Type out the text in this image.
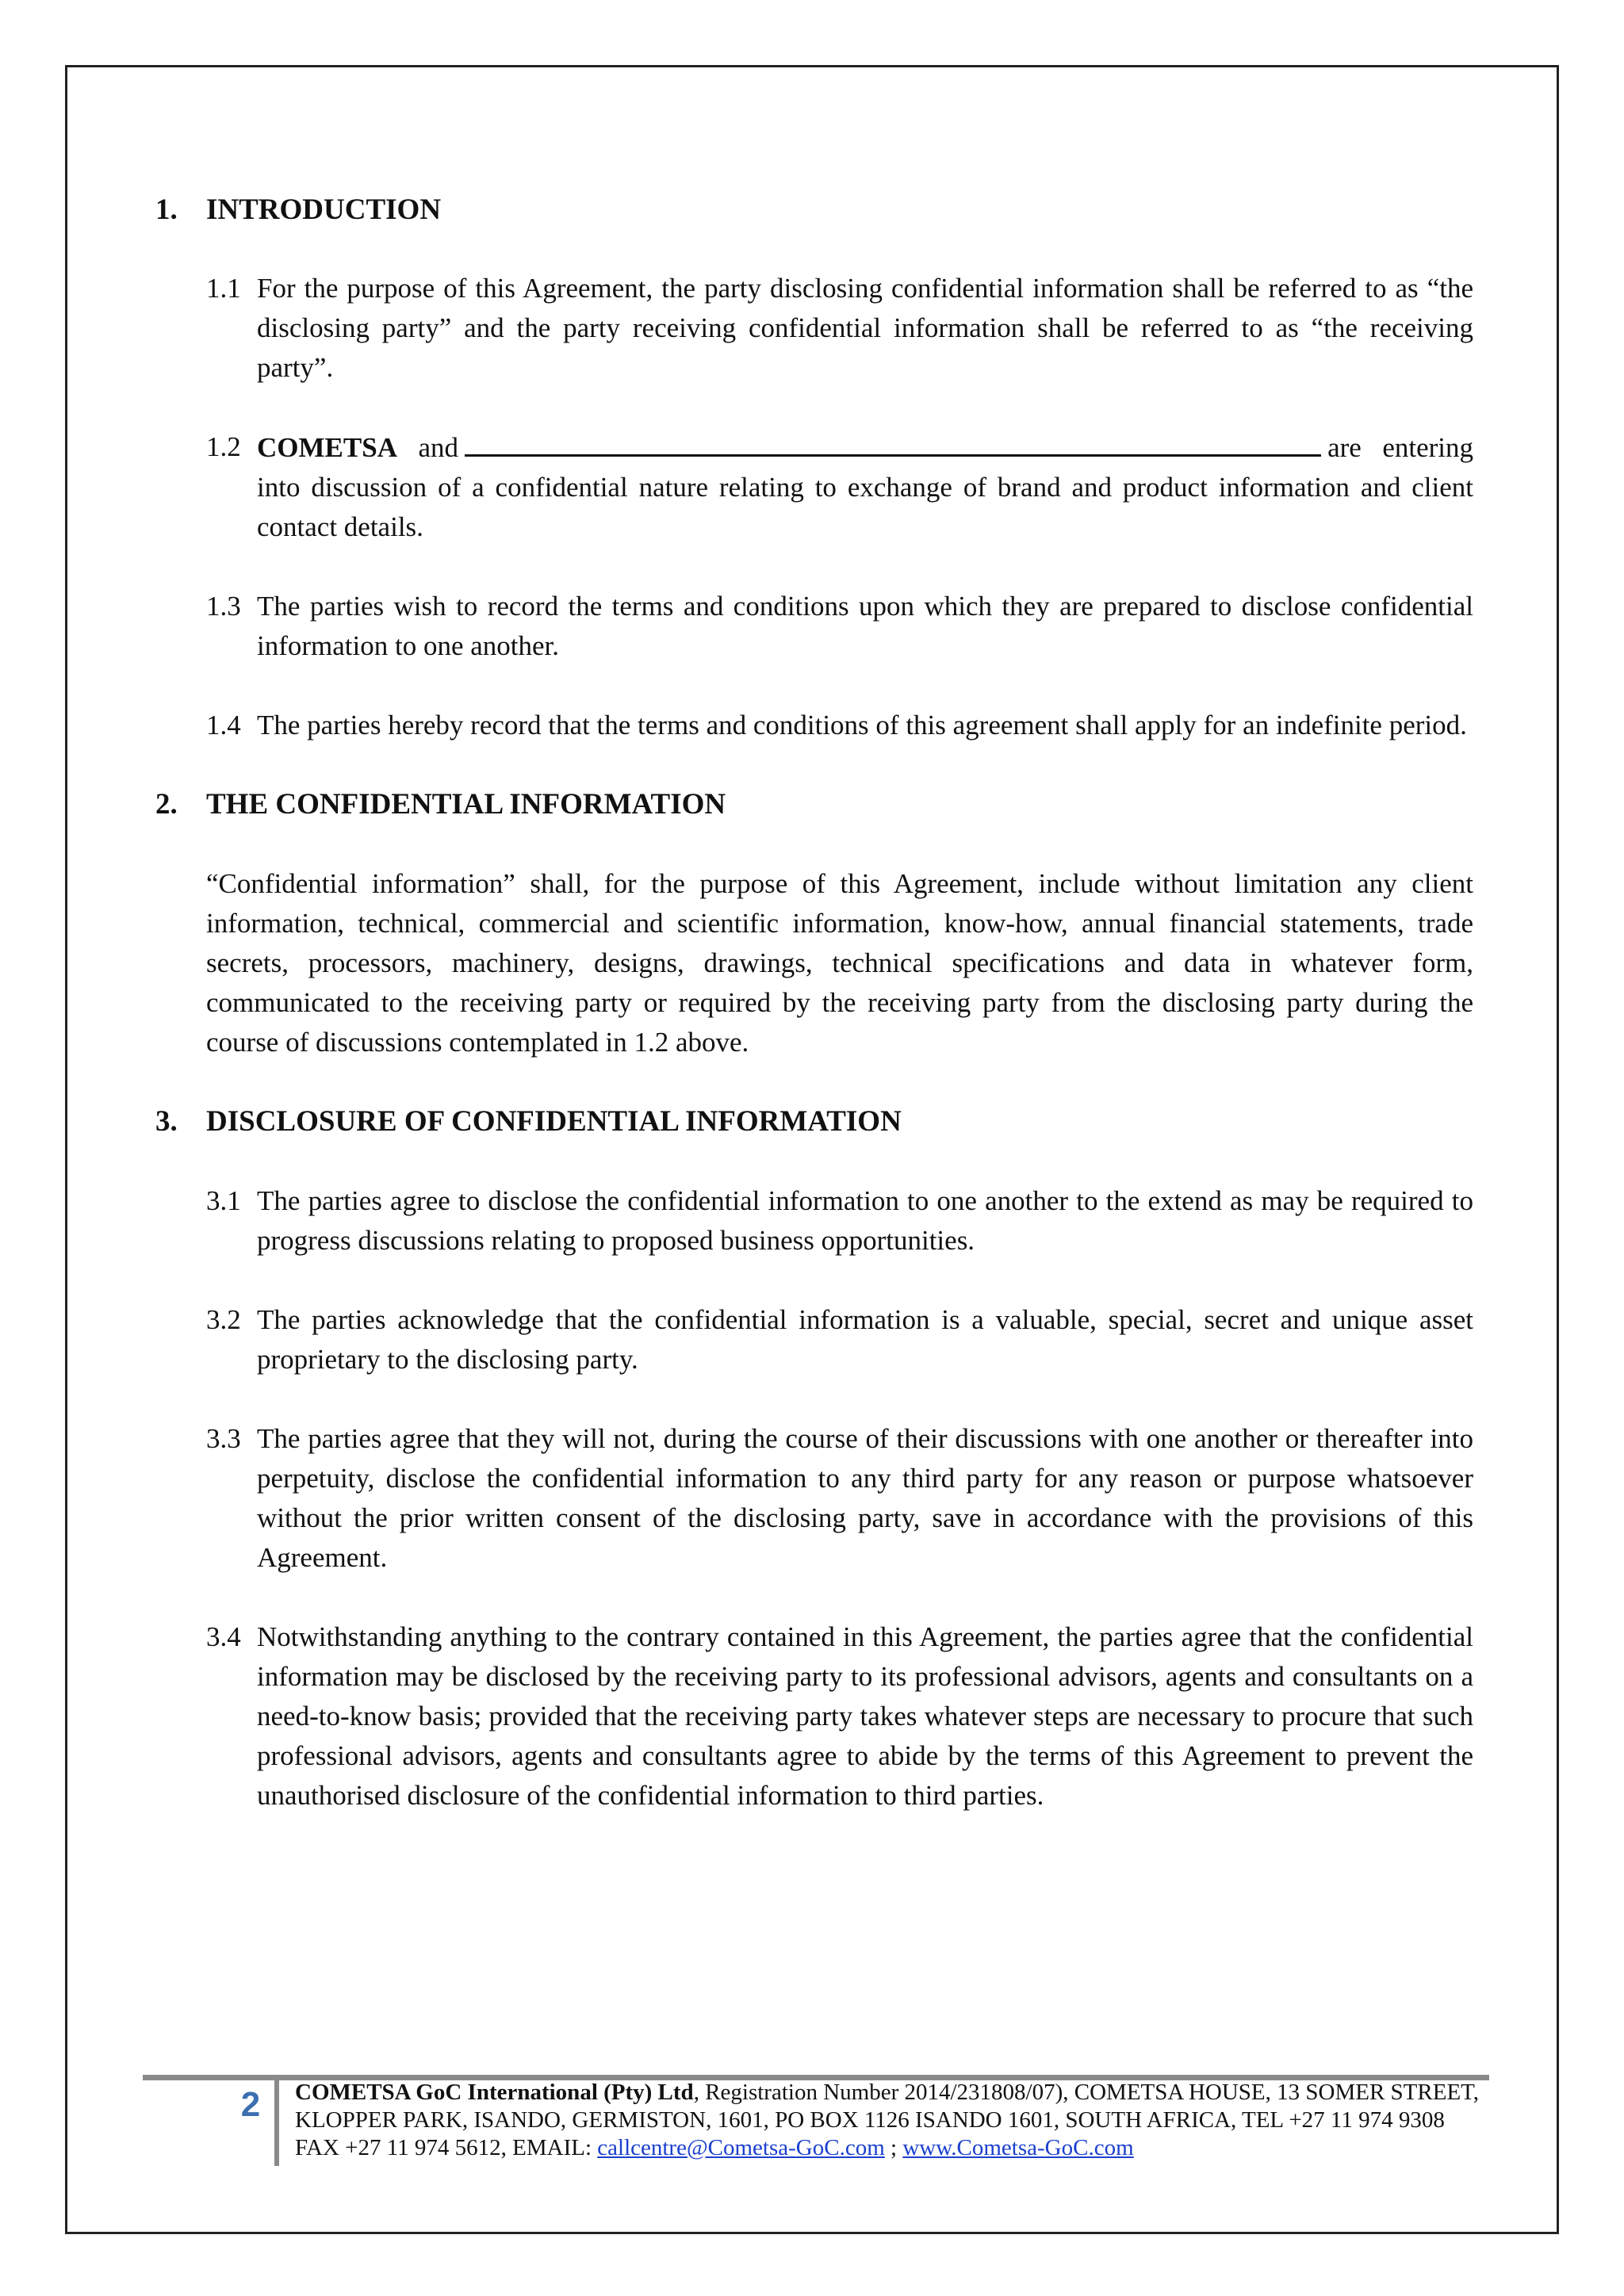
1. INTRODUCTION
1.1 For the purpose of this Agreement, the party disclosing confidential information shall be referred to as “the disclosing party” and the party receiving confidential information shall be referred to as “the receiving party”.
1.2 COMETSA and	are entering into discussion of a confidential nature relating to exchange of brand and product information and client contact details.
1.3 The parties wish to record the terms and conditions upon which they are prepared to disclose confidential information to one another.
1.4 The parties hereby record that the terms and conditions of this agreement shall apply for an indefinite period.
2. THE CONFIDENTIAL INFORMATION

“Confidential information” shall, for the purpose of this Agreement, include without limitation any client information, technical, commercial and scientific information, know-how, annual financial statements, trade secrets, processors, machinery, designs, drawings, technical specifications and data in whatever form, communicated to the receiving party or required by the receiving party from the disclosing party during the course of discussions contemplated in 1.2 above.

3. DISCLOSURE OF CONFIDENTIAL INFORMATION
3.1 The parties agree to disclose the confidential information to one another to the extend as may be required to progress discussions relating to proposed business opportunities.
3.2 The parties acknowledge that the confidential information is a valuable, special, secret and unique asset proprietary to the disclosing party.
3.3 The parties agree that they will not, during the course of their discussions with one another or thereafter into perpetuity, disclose the confidential information to any third party for any reason or purpose whatsoever without the prior written consent of the disclosing party, save in accordance with the provisions of this Agreement.
3.4 Notwithstanding anything to the contrary contained in this Agreement, the parties agree that the confidential information may be disclosed by the receiving party to its professional advisors, agents and consultants on a need-to-know basis; provided that the receiving party takes whatever steps are necessary to procure that such professional advisors, agents and consultants agree to abide by the terms of this Agreement to prevent the unauthorised disclosure of the confidential information to third parties.
2 COMETSA GoC International (Pty) Ltd, Registration Number 2014/231808/07), COMETSA HOUSE, 13 SOMER STREET, KLOPPER PARK, ISANDO, GERMISTON, 1601, PO BOX 1126 ISANDO 1601, SOUTH AFRICA, TEL +27 11 974 9308 FAX +27 11 974 5612, EMAIL: callcentre@Cometsa-GoC.com ; www.Cometsa-GoC.com
